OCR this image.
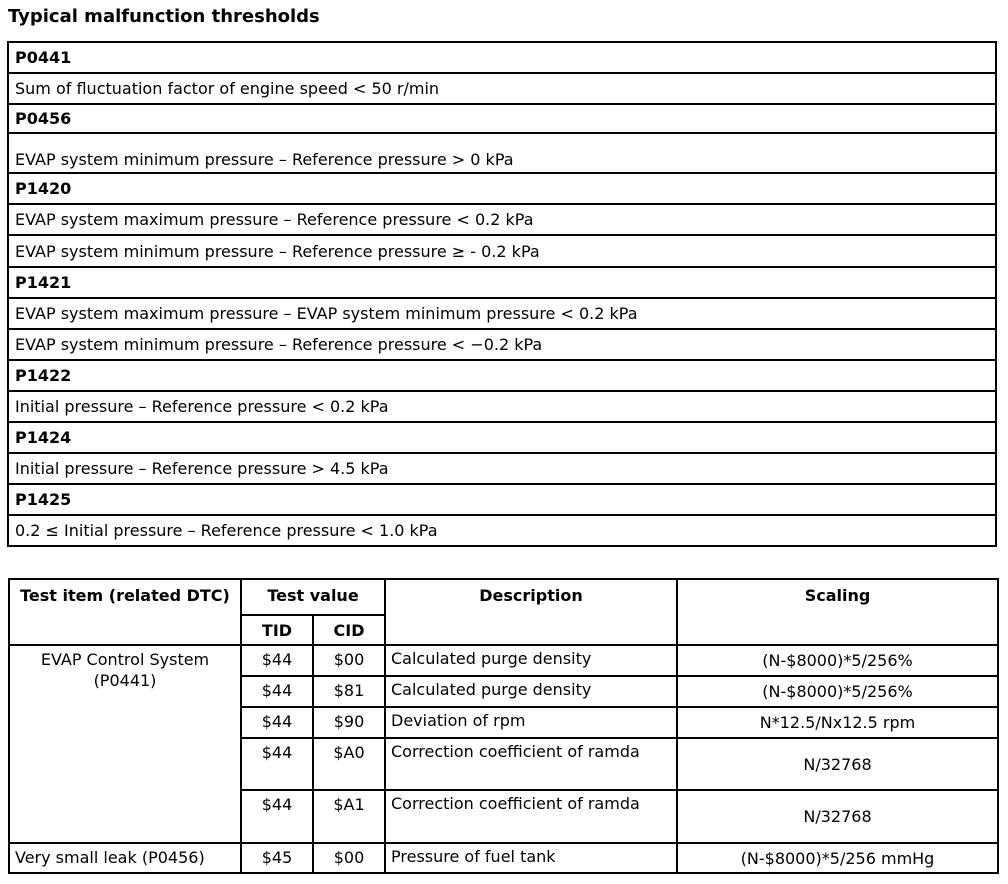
Typical malfunction thresholds
P0441
Sum of fluctuation factor of engine speed < 50 r/min
P0456
EVAP system minimum pressure – Reference pressure > 0 kPa
P1420
EVAP system maximum pressure – Reference pressure < 0.2 kPa
EVAP system minimum pressure – Reference pressure ≥ - 0.2 kPa
P1421
EVAP system maximum pressure – EVAP system minimum pressure < 0.2 kPa
EVAP system minimum pressure – Reference pressure < −0.2 kPa
P1422
Initial pressure – Reference pressure < 0.2 kPa
P1424
Initial pressure – Reference pressure > 4.5 kPa
P1425
0.2 ≤ Initial pressure – Reference pressure < 1.0 kPa
Test item (related DTC)	Test value		Description	Scaling
	TID	CID		
EVAP Control System (P0441)	$44	$00	Calculated purge density	(N-$8000)*5/256%
	$44	$81	Calculated purge density	(N-$8000)*5/256%
	$44	$90	Deviation of rpm	N*12.5/Nx12.5 rpm
	$44	$A0	Correction coefficient of ramda	N/32768
	$44	$A1	Correction coefficient of ramda	N/32768
Very small leak (P0456)	$45	$00	Pressure of fuel tank	(N-$8000)*5/256 mmHg
